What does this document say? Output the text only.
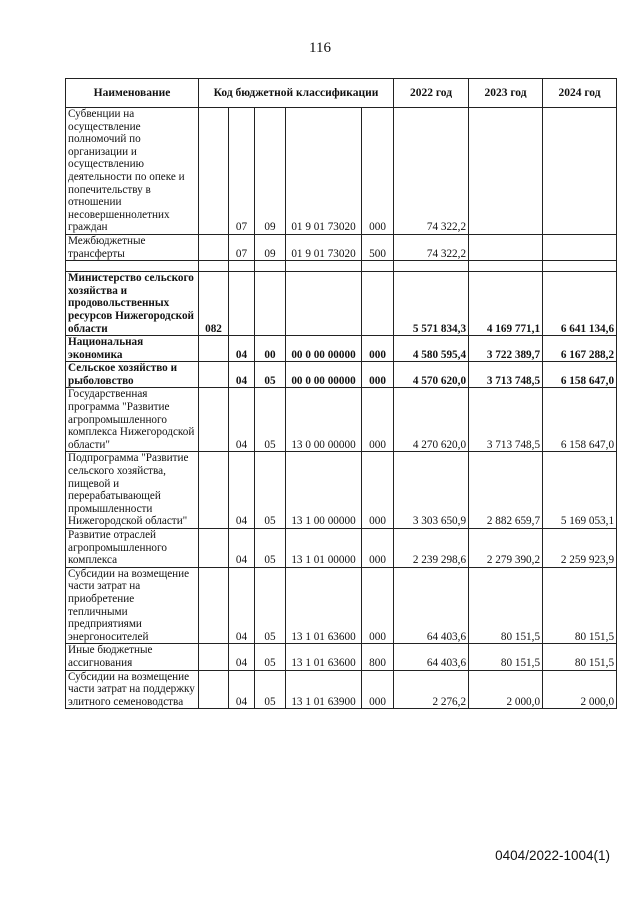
116
Наименование	Код бюджетной классификации					2022 год	2023 год	2024 год
Субвенции на осуществление полномочий по организации и осуществлению деятельности по опеке и попечительству в отношении несовершеннолетних граждан		07	09	01 9 01 73020	000	74 322,2		
Межбюджетные трансферты		07	09	01 9 01 73020	500	74 322,2		

Министерство сельского хозяйства и продовольственных ресурсов Нижегородской области	082					5 571 834,3	4 169 771,1	6 641 134,6
Национальная экономика		04	00	00 0 00 00000	000	4 580 595,4	3 722 389,7	6 167 288,2
Сельское хозяйство и рыболовство		04	05	00 0 00 00000	000	4 570 620,0	3 713 748,5	6 158 647,0
Государственная программа "Развитие агропромышленного комплекса Нижегородской области"		04	05	13 0 00 00000	000	4 270 620,0	3 713 748,5	6 158 647,0
Подпрограмма "Развитие сельского хозяйства, пищевой и перерабатывающей промышленности Нижегородской области"		04	05	13 1 00 00000	000	3 303 650,9	2 882 659,7	5 169 053,1
Развитие отраслей агропромышленного комплекса		04	05	13 1 01 00000	000	2 239 298,6	2 279 390,2	2 259 923,9
Субсидии на возмещение части затрат на приобретение тепличными предприятиями энергоносителей		04	05	13 1 01 63600	000	64 403,6	80 151,5	80 151,5
Иные бюджетные ассигнования		04	05	13 1 01 63600	800	64 403,6	80 151,5	80 151,5
Субсидии на возмещение части затрат на поддержку элитного семеноводства		04	05	13 1 01 63900	000	2 276,2	2 000,0	2 000,0
0404/2022-1004(1)
